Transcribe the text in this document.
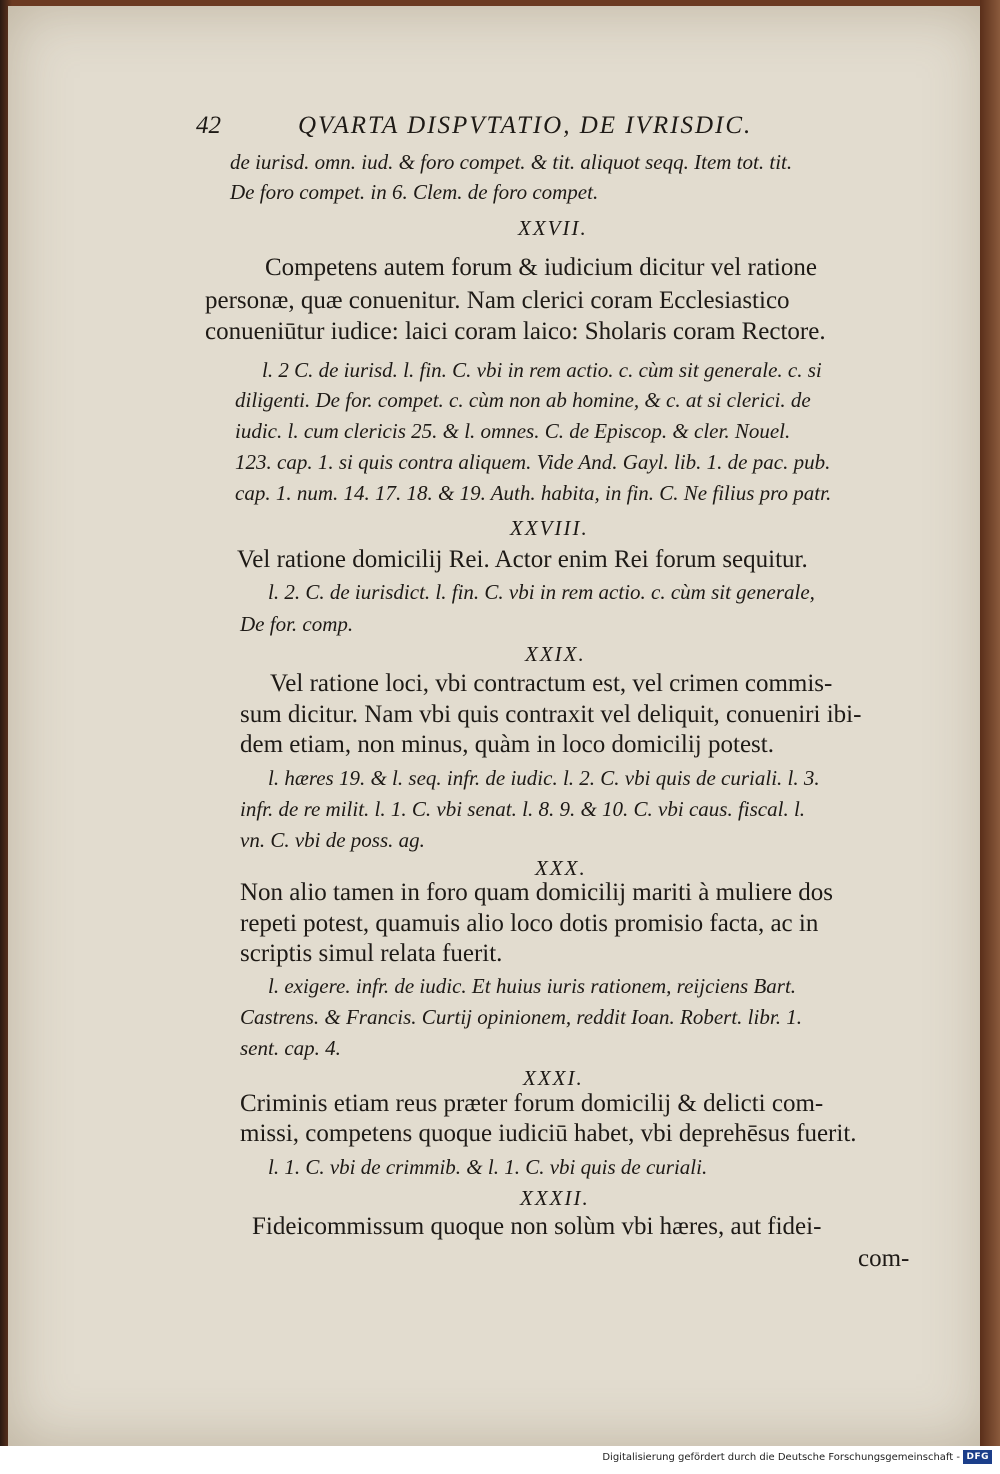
42	QVARTA DISPVTATIO, DE IVRISDIC.
de iurisd. omn. iud. & foro compet. & tit. aliquot seqq. Item tot. tit.
De foro compet. in 6. Clem. de foro compet.
XXVII.
Competens autem forum & iudicium dicitur vel ratione
personæ, quæ conuenitur. Nam clerici coram Ecclesiastico
conueniūtur iudice: laici coram laico: Sholaris coram Rectore.
l. 2 C. de iurisd. l. fin. C. vbi in rem actio. c. cùm sit generale. c. si
diligenti. De for. compet. c. cùm non ab homine, & c. at si clerici. de
iudic. l. cum clericis 25. & l. omnes. C. de Episcop. & cler. Nouel.
123. cap. 1. si quis contra aliquem. Vide And. Gayl. lib. 1. de pac. pub.
cap. 1. num. 14. 17. 18. & 19. Auth. habita, in fin. C. Ne filius pro patr.
XXVIII.
Vel ratione domicilij Rei. Actor enim Rei forum sequitur.
l. 2. C. de iurisdict. l. fin. C. vbi in rem actio. c. cùm sit generale,
De for. comp.
XXIX.
Vel ratione loci, vbi contractum est, vel crimen commis-
sum dicitur. Nam vbi quis contraxit vel deliquit, conueniri ibi-
dem etiam, non minus, quàm in loco domicilij potest.
l. hæres 19. & l. seq. infr. de iudic. l. 2. C. vbi quis de curiali. l. 3.
infr. de re milit. l. 1. C. vbi senat. l. 8. 9. & 10. C. vbi caus. fiscal. l.
vn. C. vbi de poss. ag.
XXX.
Non alio tamen in foro quam domicilij mariti à muliere dos
repeti potest, quamuis alio loco dotis promisio facta, ac in
scriptis simul relata fuerit.
l. exigere. infr. de iudic. Et huius iuris rationem, reijciens Bart.
Castrens. & Francis. Curtij opinionem, reddit Ioan. Robert. libr. 1.
sent. cap. 4.
XXXI.
Criminis etiam reus præter forum domicilij & delicti com-
missi, competens quoque iudiciū habet, vbi deprehēsus fuerit.
l. 1. C. vbi de crimmib. & l. 1. C. vbi quis de curiali.
XXXII.
Fideicommissum quoque non solùm vbi hæres, aut fidei-
com-
Digitalisierung gefördert durch die Deutsche Forschungsgemeinschaft - DFG
